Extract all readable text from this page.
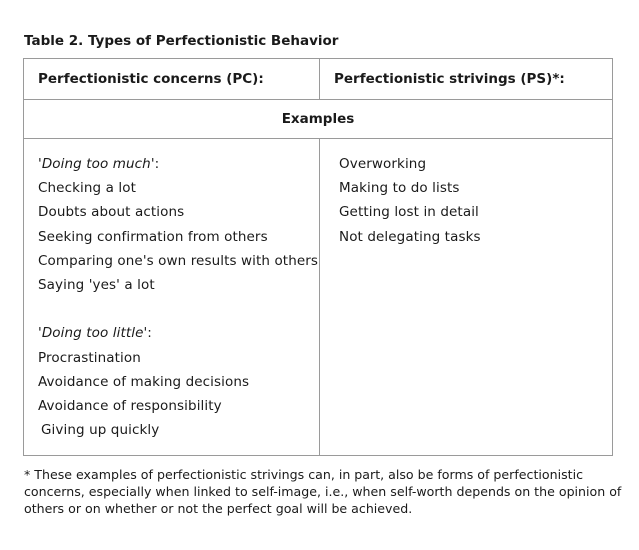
Table 2. Types of Perfectionistic Behavior
Perfectionistic concerns (PC):	Perfectionistic strivings (PS)*:
Examples
'Doing too much':
Checking a lot
Doubts about actions
Seeking confirmation from others
Comparing one's own results with others
Saying 'yes' a lot
'Doing too little':
Procrastination
Avoidance of making decisions
Avoidance of responsibility
Giving up quickly
Overworking
Making to do lists
Getting lost in detail
Not delegating tasks
* These examples of perfectionistic strivings can, in part, also be forms of perfectionistic concerns, especially when linked to self-image, i.e., when self-worth depends on the opinion of others or on whether or not the perfect goal will be achieved.
